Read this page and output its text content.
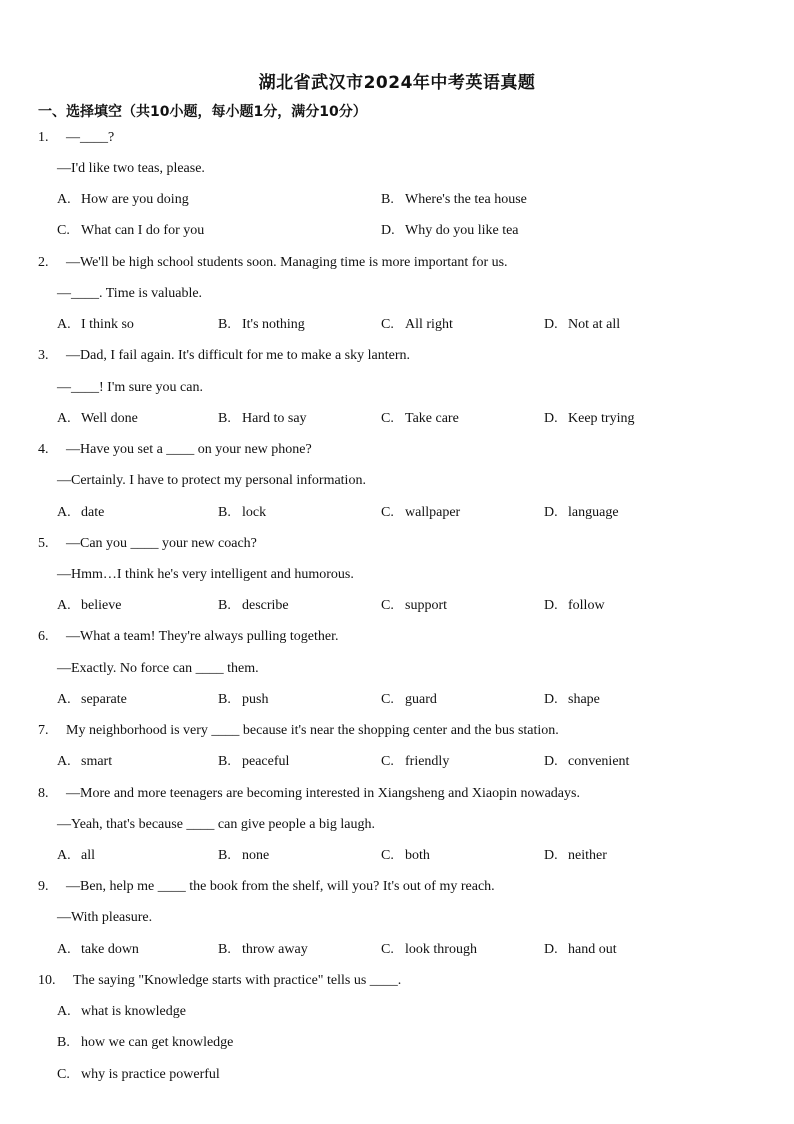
湖北省武汉市2024年中考英语真题
一、选择填空（共10小题，每小题1分，满分10分）
1. —____?
—I'd like two teas, please.
A. How are you doing	B. Where's the tea house
C. What can I do for you	D. Why do you like tea
2. —We'll be high school students soon. Managing time is more important for us.
—____. Time is valuable.
A. I think so	B. It's nothing	C. All right	D. Not at all
3. —Dad, I fail again. It's difficult for me to make a sky lantern.
—____! I'm sure you can.
A. Well done	B. Hard to say	C. Take care	D. Keep trying
4. —Have you set a ____ on your new phone?
—Certainly. I have to protect my personal information.
A. date	B. lock	C. wallpaper	D. language
5. —Can you ____ your new coach?
—Hmm…I think he's very intelligent and humorous.
A. believe	B. describe	C. support	D. follow
6. —What a team! They're always pulling together.
—Exactly. No force can ____ them.
A. separate	B. push	C. guard	D. shape
7. My neighborhood is very ____ because it's near the shopping center and the bus station.
A. smart	B. peaceful	C. friendly	D. convenient
8. —More and more teenagers are becoming interested in Xiangsheng and Xiaopin nowadays.
—Yeah, that's because ____ can give people a big laugh.
A. all	B. none	C. both	D. neither
9. —Ben, help me ____ the book from the shelf, will you? It's out of my reach.
—With pleasure.
A. take down	B. throw away	C. look through	D. hand out
10. The saying "Knowledge starts with practice" tells us ____.
A. what is knowledge
B. how we can get knowledge
C. why is practice powerful
